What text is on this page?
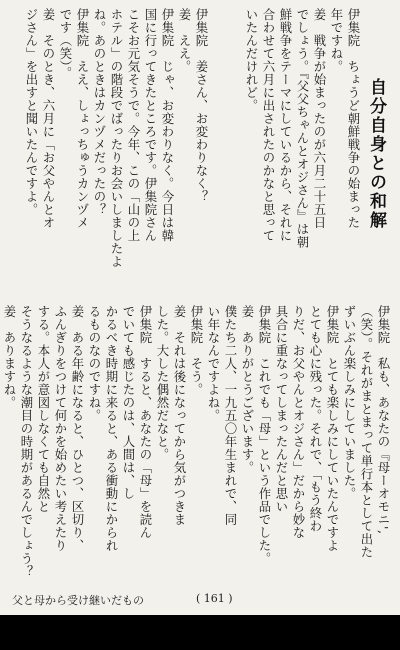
自分自身との和解
伊集院　ちょうど朝鮮戦争の始まった
年ですね。
姜　戦争が始まったのが六月二十五日
でしょう。『父父ちゃんとオジさん』は朝
鮮戦争をテーマにしているから、それに
合わせて六月に出されたのかなと思って
いたんだけれど。
伊集院　姜さん、お変わりなく？
姜　ええ。
伊集院　じゃ、お変わりなく。今日は韓
国に行ってきたところです。伊集院さん
こそお元気そうで。今年、この「山の上
ホテル」の階段でばったりお会いしましたよ
ね。あのときはカンヅメだったの？
伊集院　ええ、しょっちゅうカンヅメ
です（笑）。
姜　そのとき、六月に「お父やんとオ
ジさん」を出すと聞いたんですよ。
伊集院　私も、あなたの『母ーオモニ',
（笑）。それがまとまって単行本として出た
ずいぶん楽しみにしていました。
伊集院　とても楽しみにしていたんですよ
とても心に残った。それで、「もう終わ
りだ、お父やんとオジさん」だから妙な
具合に重なってしまったんだと思い
伊集院　これでも「母」という作品でした。
姜　ありがとうございます。
僕たち二人、一九五〇年生まれで、同
い年なんですよね。
伊集院　そう。
姜　それは後になってから気がつきま
した。大した偶然だなと。
伊集院　すると、あなたの「母」を読ん
でいても感じたのは、人間は、し
かるべき時期に来ると、ある衝動にかられ
るものなのですね。
姜　ある年齢になると、ひとつ、区切り、
ふんぎりをつけて何かを始めたい考えたり
する。本人が意図しなくても自然と
そうなるような潮目の時期があるんでしょう？
姜　ありますね。
父と母から受け継いだもの	( 161 )
